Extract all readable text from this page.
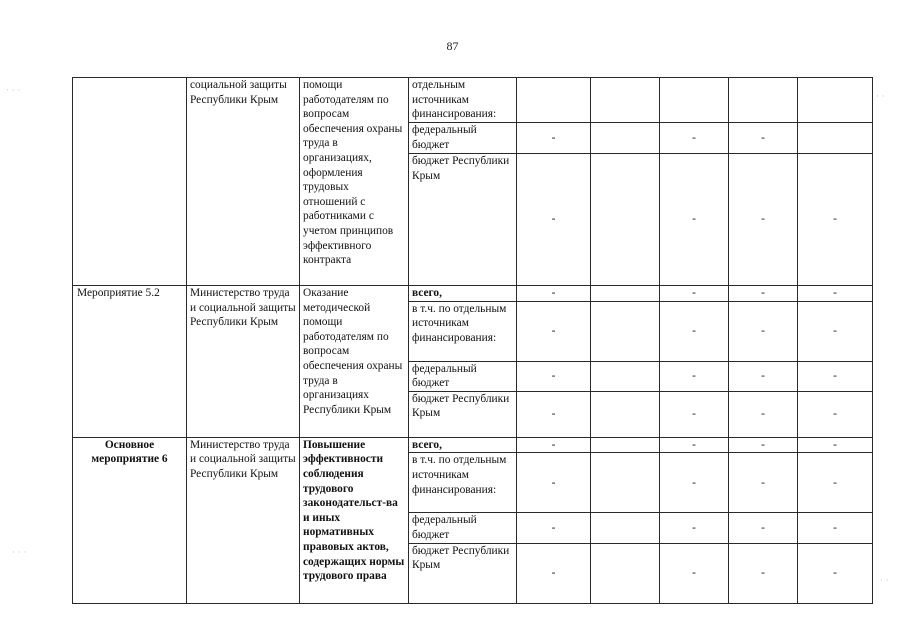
87
	социальной защиты Республики Крым	помощи работодателям по вопросам обеспечения охраны труда в организациях, оформления трудовых отношений с работниками с учетом принципов эффективного контракта	отдельным источникам финансирования:						
			федеральный бюджет	-		-	-		
			бюджет Республики Крым	-		-	-	-	
Мероприятие 5.2	Министерство труда и социальной защиты Республики Крым	Оказание методической помощи работодателям по вопросам обеспечения охраны труда в организациях Республики Крым	всего,	-		-	-	-	
			в т.ч. по отдельным источникам финансирования:	-		-	-	-	
			федеральный бюджет	-		-	-	-	
			бюджет Республики Крым	-		-	-	-	
Основное мероприятие 6	Министерство труда и социальной защиты Республики Крым	Повышение эффективности соблюдения трудового законодательст-ва и иных нормативных правовых актов, содержащих нормы трудового права	всего,	-		-	-	-	
			в т.ч. по отдельным источникам финансирования:	-		-	-	-	
			федеральный бюджет	-		-	-	-	
			бюджет Республики Крым	-		-	-	-	
· · ·
· · ·
· ·
· ·
